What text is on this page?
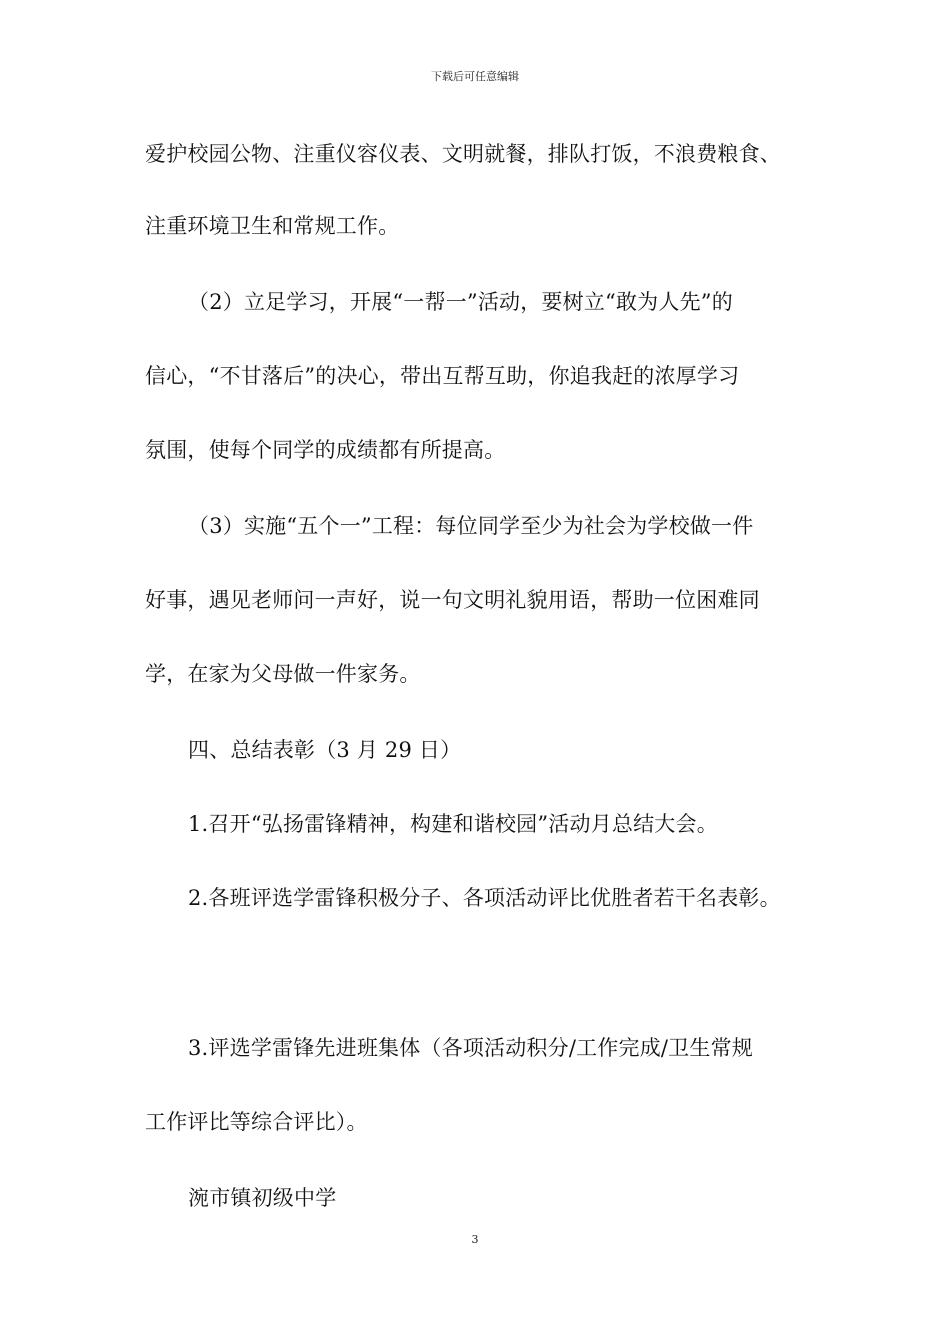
下载后可任意编辑
爱护校园公物、注重仪容仪表、文明就餐，排队打饭，不浪费粮食、
注重环境卫生和常规工作。
（2）立足学习，开展“一帮一”活动，要树立“敢为人先”的
信心，“不甘落后”的决心，带出互帮互助，你追我赶的浓厚学习
氛围，使每个同学的成绩都有所提高。
（3）实施“五个一”工程：每位同学至少为社会为学校做一件
好事，遇见老师问一声好，说一句文明礼貌用语，帮助一位困难同
学，在家为父母做一件家务。
四、总结表彰（3 月 29 日）
1.召开“弘扬雷锋精神，构建和谐校园”活动月总结大会。
2.各班评选学雷锋积极分子、各项活动评比优胜者若干名表彰。
3.评选学雷锋先进班集体（各项活动积分/工作完成/卫生常规
工作评比等综合评比）。
涴市镇初级中学
3
